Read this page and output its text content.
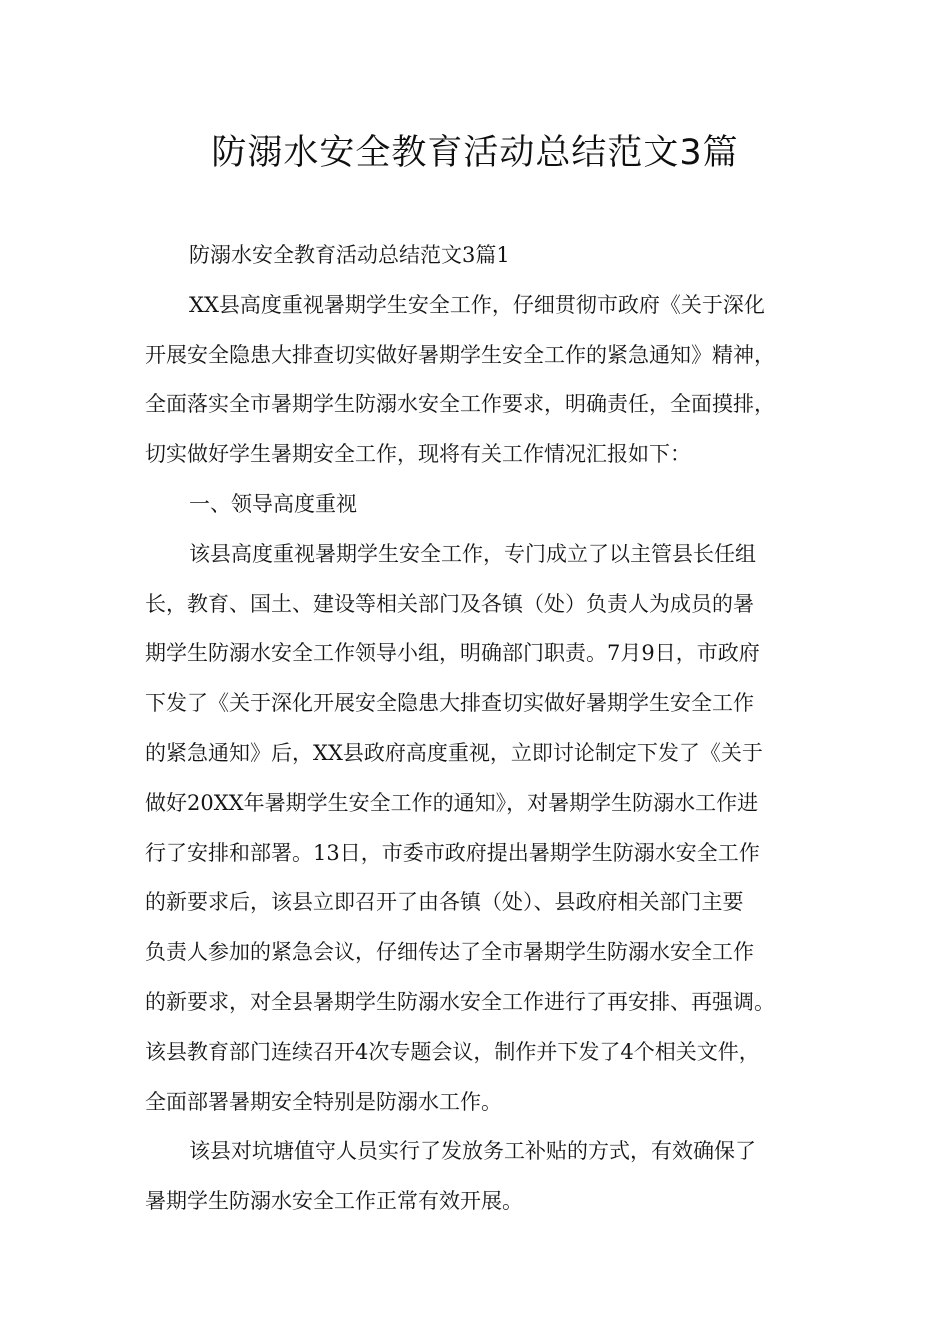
防溺水安全教育活动总结范文3篇
防溺水安全教育活动总结范文3篇1
XX县高度重视暑期学生安全工作，仔细贯彻市政府《关于深化
开展安全隐患大排查切实做好暑期学生安全工作的紧急通知》精神，
全面落实全市暑期学生防溺水安全工作要求，明确责任，全面摸排，
切实做好学生暑期安全工作，现将有关工作情况汇报如下：
一、领导高度重视
该县高度重视暑期学生安全工作，专门成立了以主管县长任组
长，教育、国土、建设等相关部门及各镇（处）负责人为成员的暑
期学生防溺水安全工作领导小组，明确部门职责。7月9日，市政府
下发了《关于深化开展安全隐患大排查切实做好暑期学生安全工作
的紧急通知》后，XX县政府高度重视，立即讨论制定下发了《关于
做好20XX年暑期学生安全工作的通知》，对暑期学生防溺水工作进
行了安排和部署。13日，市委市政府提出暑期学生防溺水安全工作
的新要求后，该县立即召开了由各镇（处）、县政府相关部门主要
负责人参加的紧急会议，仔细传达了全市暑期学生防溺水安全工作
的新要求，对全县暑期学生防溺水安全工作进行了再安排、再强调。
该县教育部门连续召开4次专题会议，制作并下发了4个相关文件，
全面部署暑期安全特别是防溺水工作。
该县对坑塘值守人员实行了发放务工补贴的方式，有效确保了
暑期学生防溺水安全工作正常有效开展。
